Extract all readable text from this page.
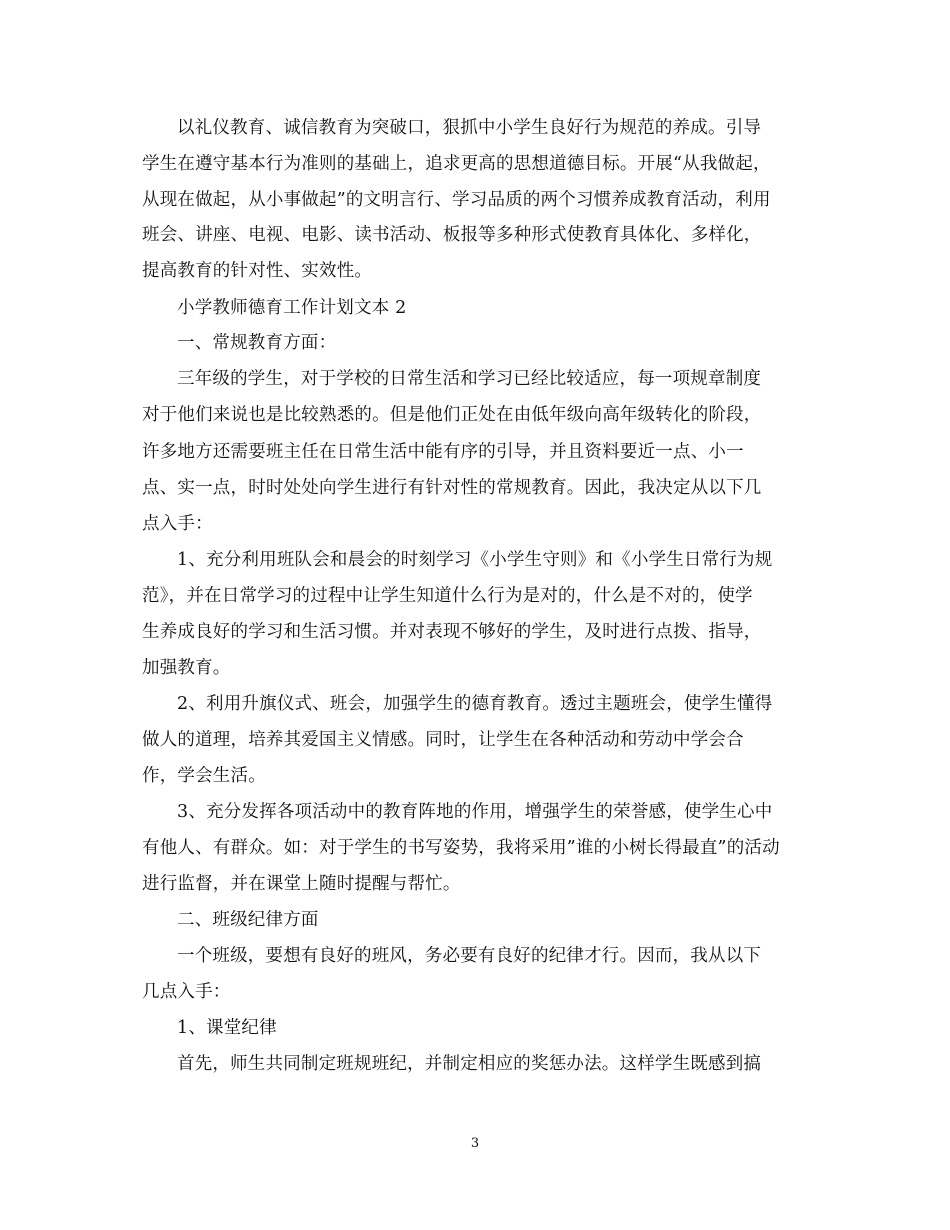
以礼仪教育、诚信教育为突破口，狠抓中小学生良好行为规范的养成。引导
学生在遵守基本行为准则的基础上，追求更高的思想道德目标。开展“从我做起，
从现在做起，从小事做起”的文明言行、学习品质的两个习惯养成教育活动，利用
班会、讲座、电视、电影、读书活动、板报等多种形式使教育具体化、多样化，
提高教育的针对性、实效性。
小学教师德育工作计划文本 2
一、常规教育方面：
三年级的学生，对于学校的日常生活和学习已经比较适应，每一项规章制度
对于他们来说也是比较熟悉的。但是他们正处在由低年级向高年级转化的阶段，
许多地方还需要班主任在日常生活中能有序的引导，并且资料要近一点、小一
点、实一点，时时处处向学生进行有针对性的常规教育。因此，我决定从以下几
点入手：
1、充分利用班队会和晨会的时刻学习《小学生守则》和《小学生日常行为规
范》，并在日常学习的过程中让学生知道什么行为是对的，什么是不对的，使学
生养成良好的学习和生活习惯。并对表现不够好的学生，及时进行点拨、指导，
加强教育。
2、利用升旗仪式、班会，加强学生的德育教育。透过主题班会，使学生懂得
做人的道理，培养其爱国主义情感。同时，让学生在各种活动和劳动中学会合
作，学会生活。
3、充分发挥各项活动中的教育阵地的作用，增强学生的荣誉感，使学生心中
有他人、有群众。如：对于学生的书写姿势，我将采用”谁的小树长得最直”的活动
进行监督，并在课堂上随时提醒与帮忙。
二、班级纪律方面
一个班级，要想有良好的班风，务必要有良好的纪律才行。因而，我从以下
几点入手：
1、课堂纪律
首先，师生共同制定班规班纪，并制定相应的奖惩办法。这样学生既感到搞
3
